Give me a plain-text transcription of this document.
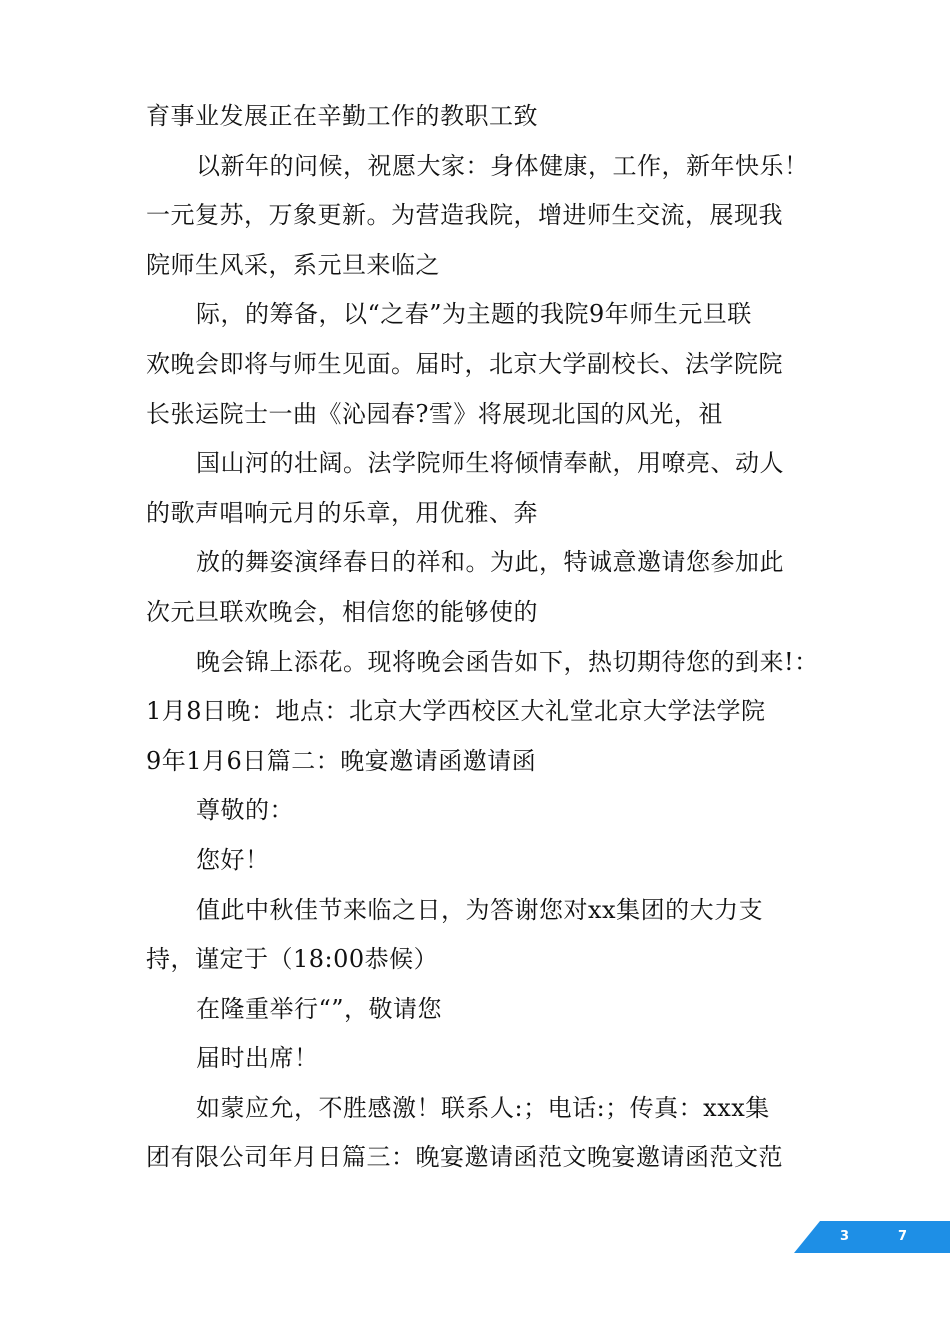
育事业发展正在辛勤工作的教职工致
以新年的问候，祝愿大家：身体健康，工作，新年快乐！
一元复苏，万象更新。为营造我院，增进师生交流，展现我
院师生风采，系元旦来临之
际，的筹备，以“之春”为主题的我院9年师生元旦联
欢晚会即将与师生见面。届时，北京大学副校长、法学院院
长张运院士一曲《沁园春?雪》将展现北国的风光，祖
国山河的壮阔。法学院师生将倾情奉献，用嘹亮、动人
的歌声唱响元月的乐章，用优雅、奔
放的舞姿演绎春日的祥和。为此，特诚意邀请您参加此
次元旦联欢晚会，相信您的能够使的
晚会锦上添花。现将晚会函告如下，热切期待您的到来!：
1月8日晚：地点：北京大学西校区大礼堂北京大学法学院
9年1月6日篇二：晚宴邀请函邀请函
尊敬的：
您好！
值此中秋佳节来临之日，为答谢您对xx集团的大力支
持，谨定于（18:00恭候）
在隆重举行“”，敬请您
届时出席！
如蒙应允，不胜感激！联系人:；电话:；传真：xxx集
团有限公司年月日篇三：晚宴邀请函范文晚宴邀请函范文范
3	7
